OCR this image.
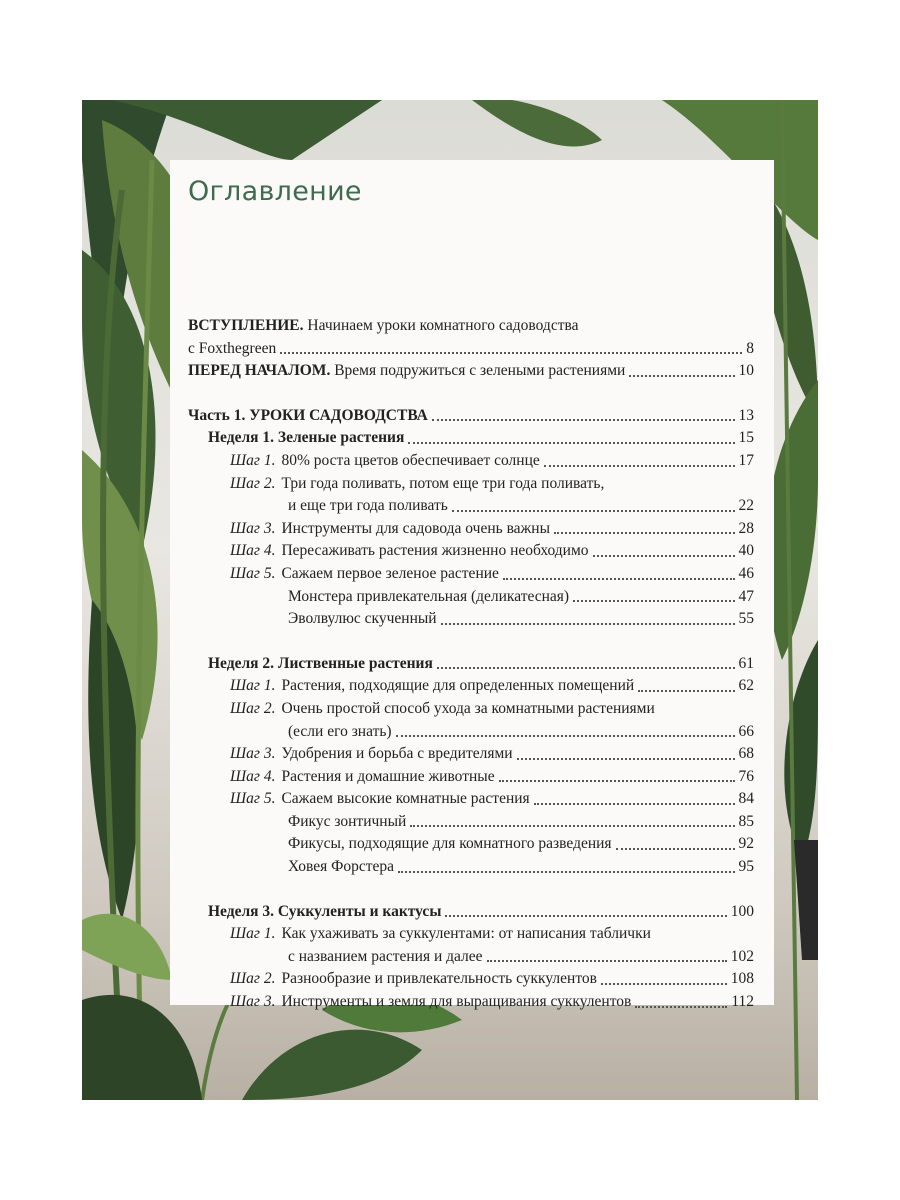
Оглавление
ВСТУПЛЕНИЕ. Начинаем уроки комнатного садоводства
с Foxthegreen	8
ПЕРЕД НАЧАЛОМ. Время подружиться с зелеными растениями	10
Часть 1. УРОКИ САДОВОДСТВА	13
Неделя 1. Зеленые растения	15
Шаг 1. 80% роста цветов обеспечивает солнце	17
Шаг 2. Три года поливать, потом еще три года поливать,
и еще три года поливать	22
Шаг 3. Инструменты для садовода очень важны	28
Шаг 4. Пересаживать растения жизненно необходимо	40
Шаг 5. Сажаем первое зеленое растение	46
Монстера привлекательная (деликатесная)	47
Эволвулюс скученный	55
Неделя 2. Лиственные растения	61
Шаг 1. Растения, подходящие для определенных помещений	62
Шаг 2. Очень простой способ ухода за комнатными растениями
(если его знать)	66
Шаг 3. Удобрения и борьба с вредителями	68
Шаг 4. Растения и домашние животные	76
Шаг 5. Сажаем высокие комнатные растения	84
Фикус зонтичный	85
Фикусы, подходящие для комнатного разведения	92
Ховея Форстера	95
Неделя 3. Суккуленты и кактусы	100
Шаг 1. Как ухаживать за суккулентами: от написания таблички
с названием растения и далее	102
Шаг 2. Разнообразие и привлекательность суккулентов	108
Шаг 3. Инструменты и земля для выращивания суккулентов	112
